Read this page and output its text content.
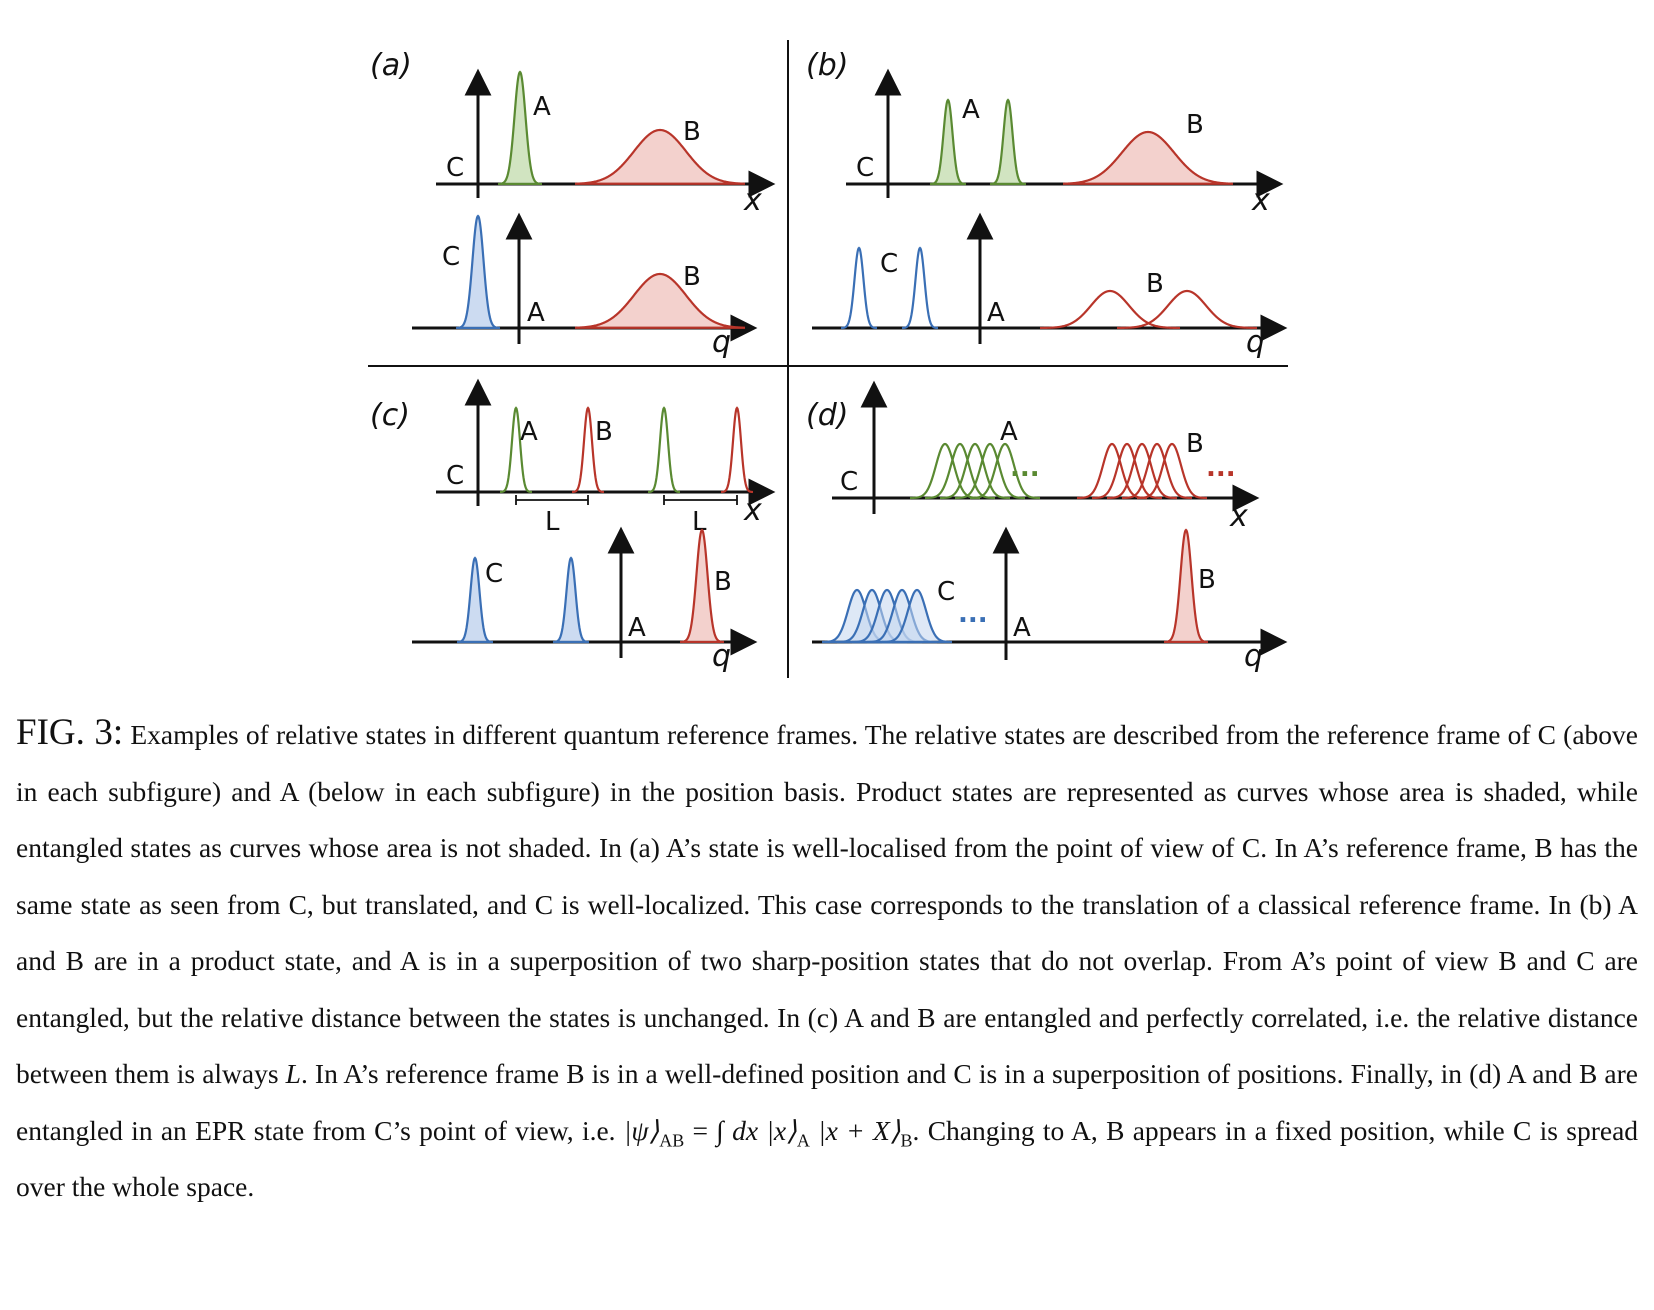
(a)	(b)
(c)	(d)
C
A
B
x
A
C
B
q
C
A	B
x
A
C
B
q
C
A B
L	L x
A
C	B
q
C
A
...
B
...
x
A
C
...
B
q
FIG. 3: Examples of relative states in different quantum reference frames. The relative states are described from the reference frame of C (above in each subfigure) and A (below in each subfigure) in the position basis. Product states are represented as curves whose area is shaded, while entangled states as curves whose area is not shaded. In (a) A’s state is well-localised from the point of view of C. In A’s reference frame, B has the same state as seen from C, but translated, and C is well-localized. This case corresponds to the translation of a classical reference frame. In (b) A and B are in a product state, and A is in a superposition of two sharp-position states that do not overlap. From A’s point of view B and C are entangled, but the relative distance between the states is unchanged. In (c) A and B are entangled and perfectly correlated, i.e. the relative distance between them is always L. In A’s reference frame B is in a well-defined position and C is in a superposition of positions. Finally, in (d) A and B are entangled in an EPR state from C’s point of view, i.e. $|\psi⟩_{AB}$ = ∫ dx $|x⟩_A$ $|x + X⟩_B$. Changing to A, B appears in a fixed position, while C is spread over the whole space.
